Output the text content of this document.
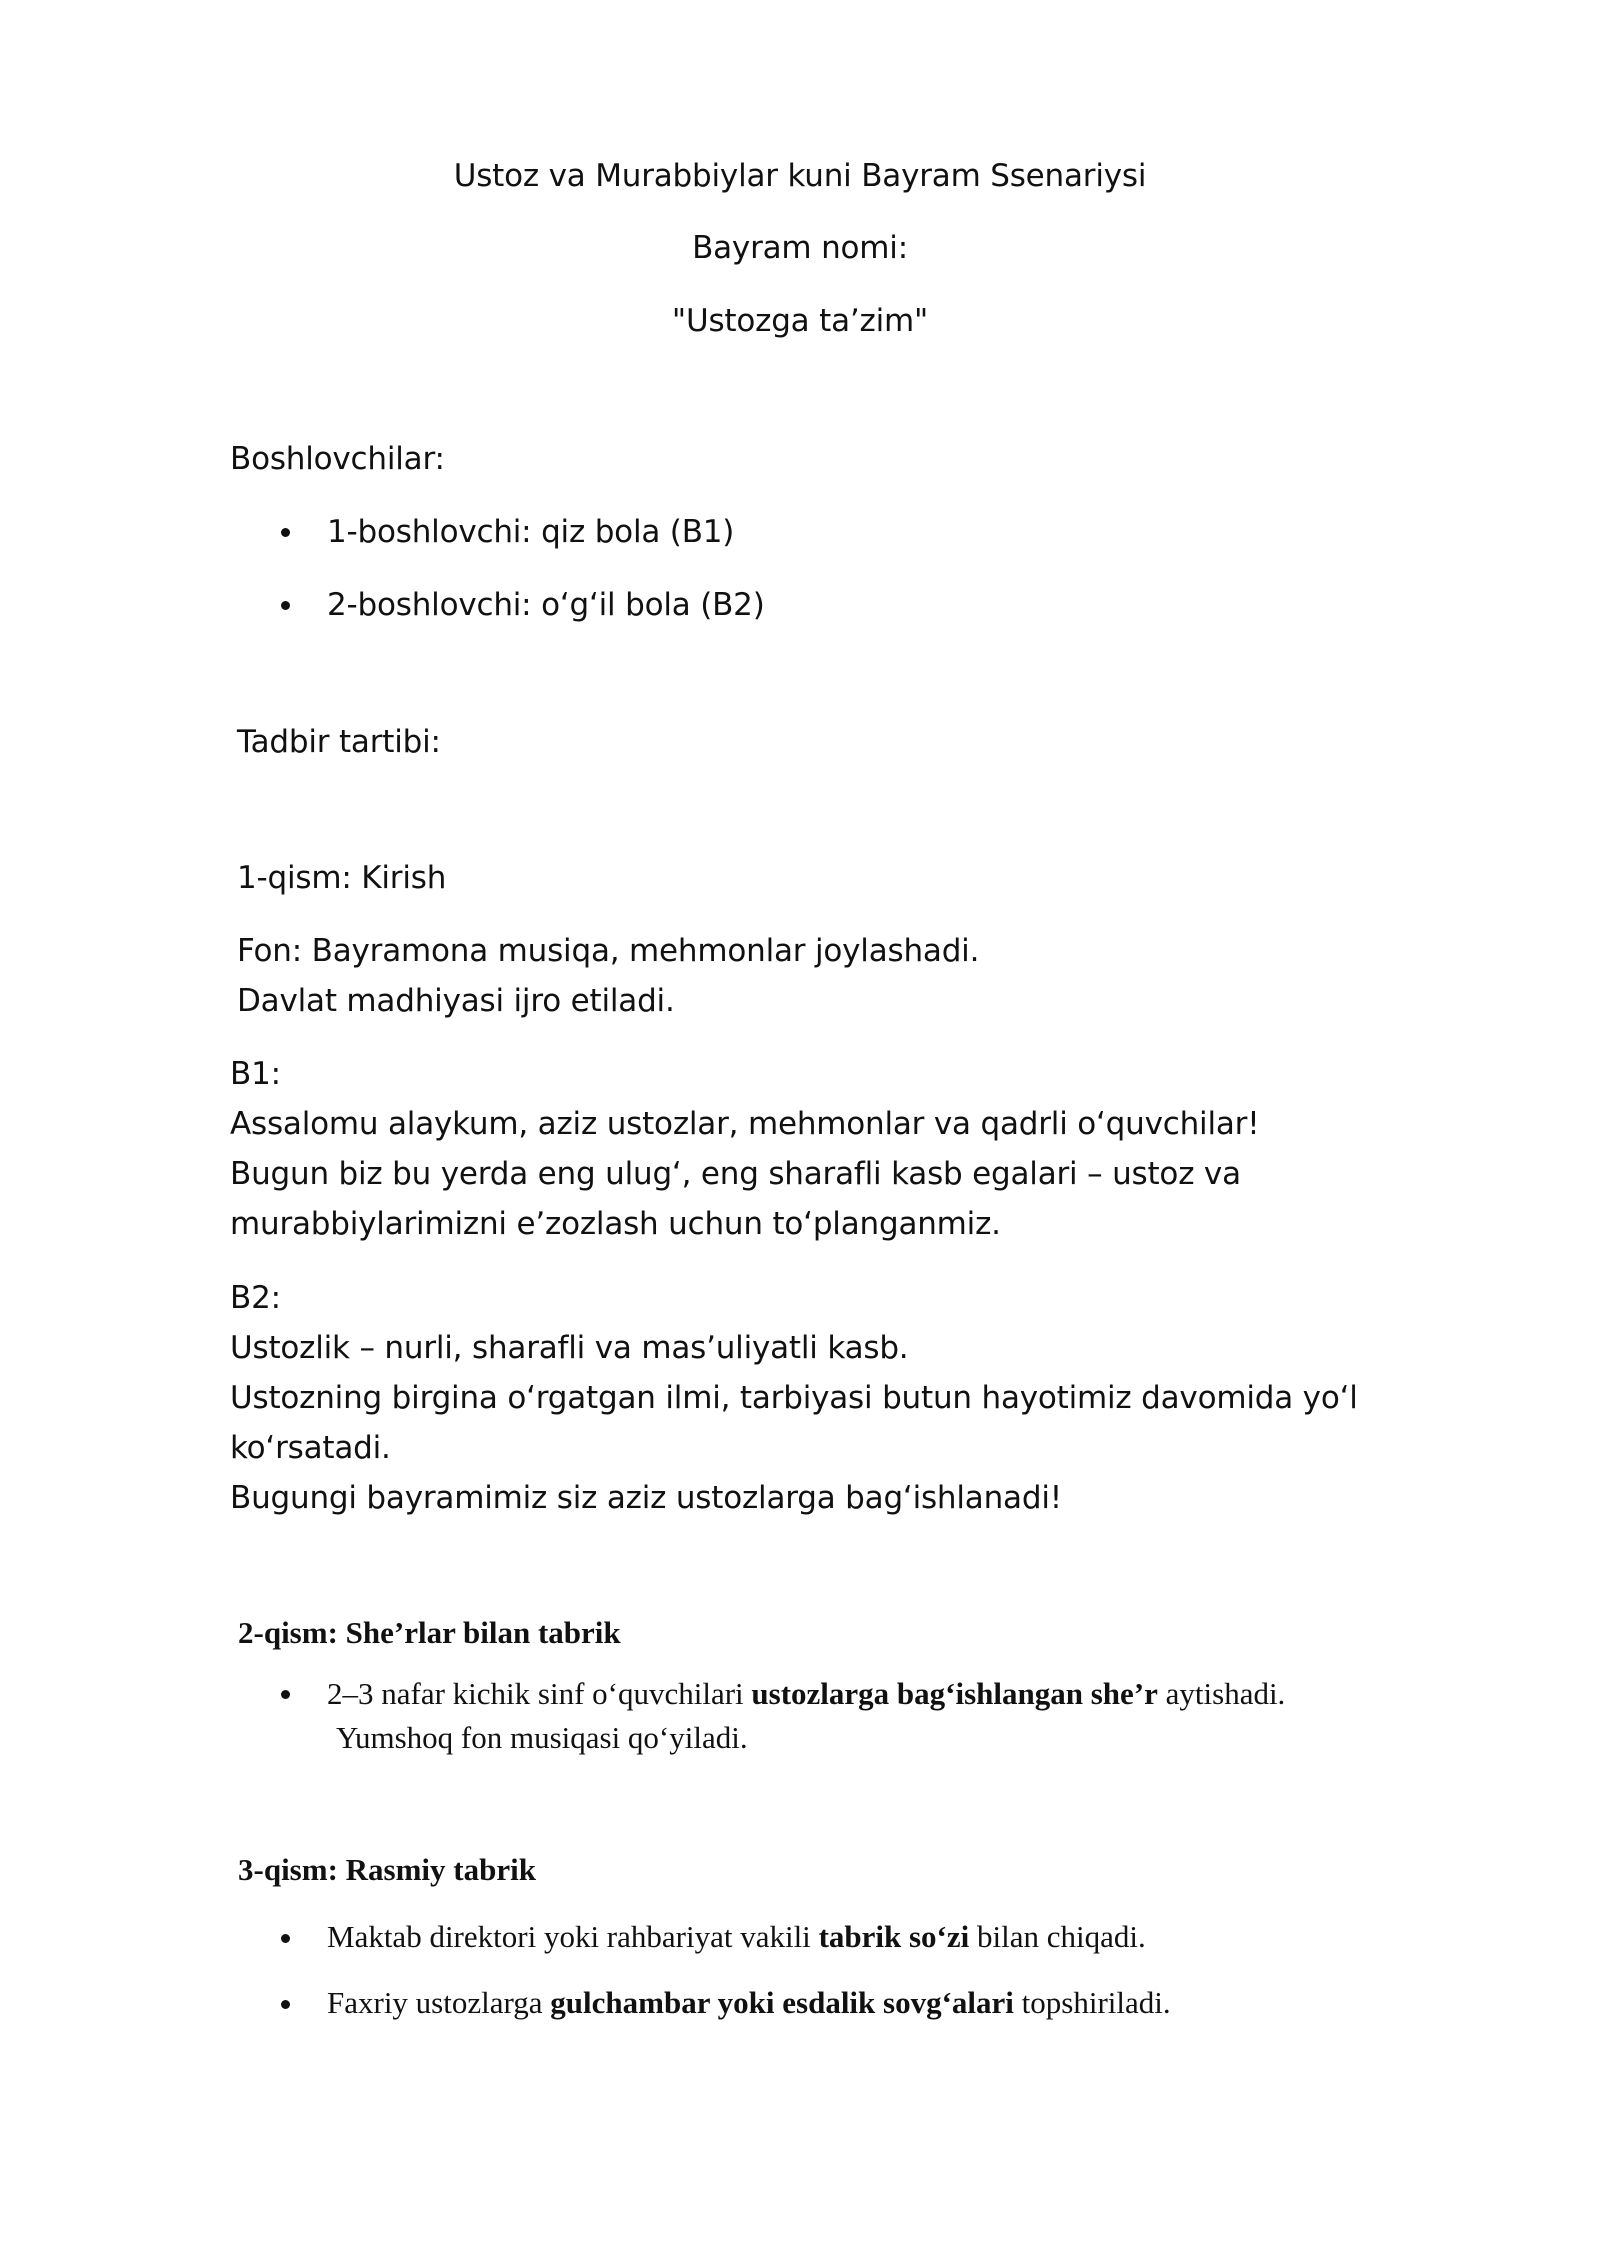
Ustoz va Murabbiylar kuni Bayram Ssenariysi

Bayram nomi:

"Ustozga ta’zim"

Boshlovchilar:

1-boshlovchi: qiz bola (B1)

2-boshlovchi: o‘g‘il bola (B2)

Tadbir tartibi:

1-qism: Kirish

Fon: Bayramona musiqa, mehmonlar joylashadi.

Davlat madhiyasi ijro etiladi.

B1:

Assalomu alaykum, aziz ustozlar, mehmonlar va qadrli o‘quvchilar!

Bugun biz bu yerda eng ulug‘, eng sharafli kasb egalari – ustoz va

murabbiylarimizni e’zozlash uchun to‘planganmiz.

B2:

Ustozlik – nurli, sharafli va mas’uliyatli kasb.

Ustozning birgina o‘rgatgan ilmi, tarbiyasi butun hayotimiz davomida yo‘l

ko‘rsatadi.

Bugungi bayramimiz siz aziz ustozlarga bag‘ishlanadi!

2-qism: She’rlar bilan tabrik

2–3 nafar kichik sinf o‘quvchilari ustozlarga bag‘ishlangan she’r aytishadi.

Yumshoq fon musiqasi qo‘yiladi.

3-qism: Rasmiy tabrik

Maktab direktori yoki rahbariyat vakili tabrik so‘zi bilan chiqadi.

Faxriy ustozlarga gulchambar yoki esdalik sovg‘alari topshiriladi.
